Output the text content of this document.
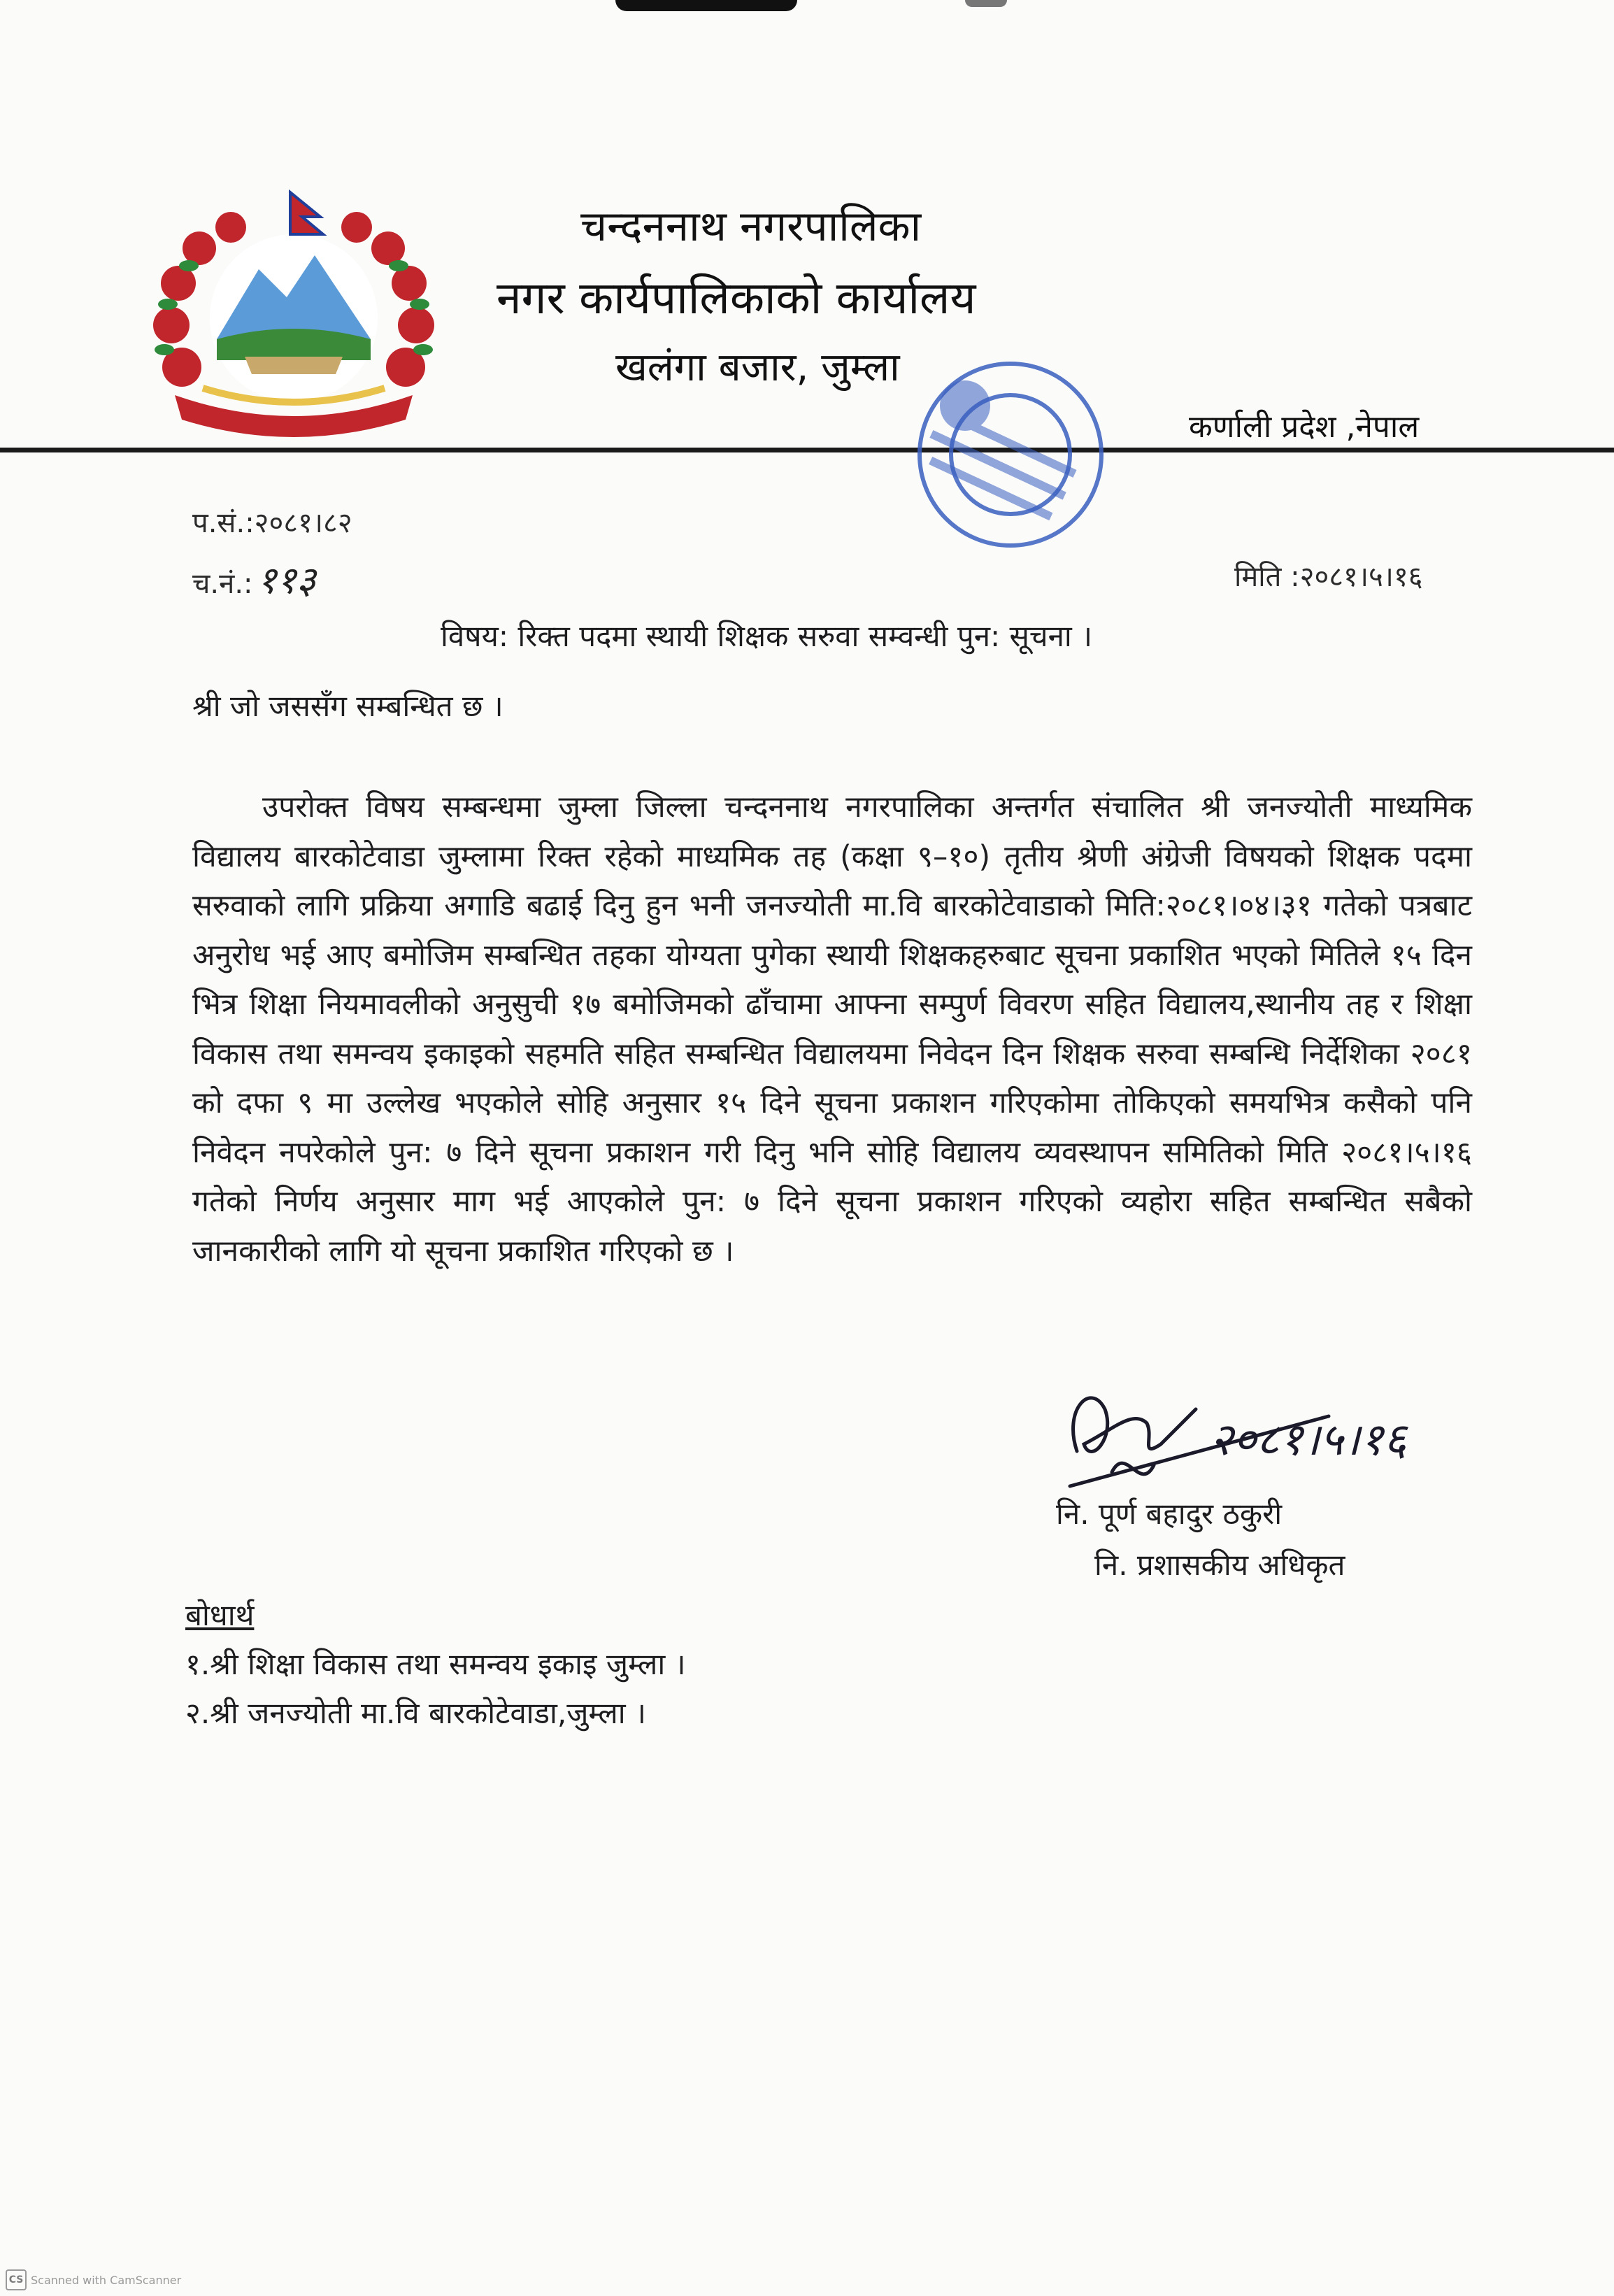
चन्दननाथ नगरपालिका
नगर कार्यपालिकाको कार्यालय
खलंगा बजार, जुम्ला
कर्णाली प्रदेश ,नेपाल
प.सं.:२०८१।८२
च.नं.: ११३	मिति :२०८१।५।१६
विषय: रिक्त पदमा स्थायी शिक्षक सरुवा सम्वन्धी पुन: सूचना ।
श्री जो जससँग सम्बन्धित छ ।

उपरोक्त विषय सम्बन्धमा जुम्ला जिल्ला चन्दननाथ नगरपालिका अन्तर्गत संचालित श्री जनज्योती माध्यमिक विद्यालय बारकोटेवाडा जुम्लामा रिक्त रहेको माध्यमिक तह (कक्षा ९–१०) तृतीय श्रेणी अंग्रेजी विषयको शिक्षक पदमा सरुवाको लागि प्रक्रिया अगाडि बढाई दिनु हुन भनी जनज्योती मा.वि बारकोटेवाडाको मिति:२०८१।०४।३१ गतेको पत्रबाट अनुरोध भई आए बमोजिम सम्बन्धित तहका योग्यता पुगेका स्थायी शिक्षकहरुबाट सूचना प्रकाशित भएको मितिले १५ दिन भित्र शिक्षा नियमावलीको अनुसुची १७ बमोजिमको ढाँचामा आफ्ना सम्पुर्ण विवरण सहित विद्यालय,स्थानीय तह र शिक्षा विकास तथा समन्वय इकाइको सहमति सहित सम्बन्धित विद्यालयमा निवेदन दिन शिक्षक सरुवा सम्बन्धि निर्देशिका २०८१ को दफा ९ मा उल्लेख भएकोले सोहि अनुसार १५ दिने सूचना प्रकाशन गरिएकोमा तोकिएको समयभित्र कसैको पनि निवेदन नपरेकोले पुन: ७ दिने सूचना प्रकाशन गरी दिनु भनि सोहि विद्यालय व्यवस्थापन समितिको मिति २०८१।५।१६ गतेको निर्णय अनुसार माग भई आएकोले पुन: ७ दिने सूचना प्रकाशन गरिएको व्यहोरा सहित सम्बन्धित सबैको जानकारीको लागि यो सूचना प्रकाशित गरिएको छ ।

२०८१।५।१६
नि. पूर्ण बहादुर ठकुरी
नि. प्रशासकीय अधिकृत
बोधार्थ
१.श्री शिक्षा विकास तथा समन्वय इकाइ जुम्ला ।
२.श्री जनज्योती मा.वि बारकोटेवाडा,जुम्ला ।
CS Scanned with CamScanner
